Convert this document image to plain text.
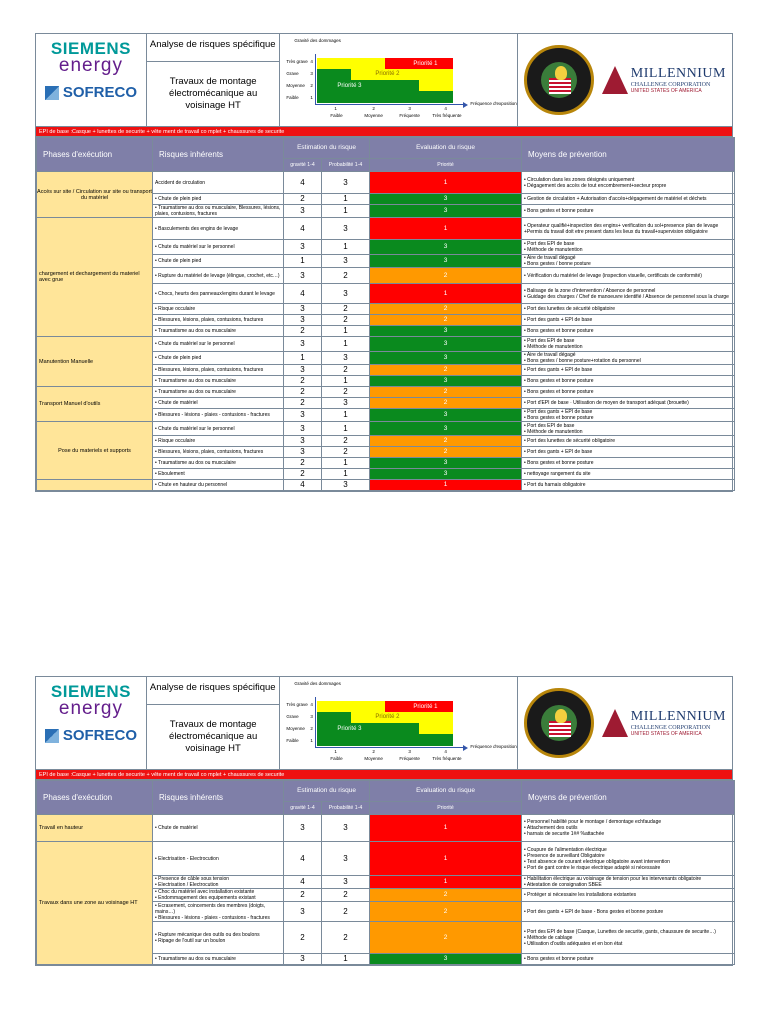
SIEMENS
energy
SOFRECO
Analyse de risques spécifique
Travaux de montage électromécanique au voisinage HT
Gravité des dommages
Très grave 4
Grave	3
Moyenne 2
Faible	1
Priorité 1
Priorité 2
Priorité 3
1
Faible
2
Moyenne
3
Fréquente
4
Très fréquente
Fréquence d'exposition
MILLENNIUM
CHALLENGE CORPORATION
UNITED STATES OF AMERICA
EPI de base :Casque + lunettes de securite + vête ment de travail co mplet + chaussures de securite
Phases d'exécution	Risques inhérents	Estimation du risque		Evaluation du risque	Moyens de prévention
		gravité 1-4	Probabilité 1-4	Priorité	
Accès sur site / Circulation sur site ou transport du matériel	Accident de circulation	4	3	1	• Circulation dans les zones désignés uniquement
• Dégagement des accès de tout encombrement+secteur propre
	• Chute de plein pied	2	1	3	• Gestion de circulation + Autorisation d'accès+dégagement de matériel et déchets
	• Traumatisme au dos ou musculaire, Blessures, lésions, plaies, contusions, fractures	3	1	3	• Bons gestes et bonne posture
chargement et dechargement du materiel avec grue	• Basculements des engins de levage	4	3	1	• Operateur qualifié+inspection des engins+ verification du sol+presence plan de levage +Permis du travail doit etre present dans les lieux du travail+supervision obligatoire
	• Chute du matériel sur le personnel	3	1	3	• Port des EPI de base
• Méthode de manutention
	• Chute de plein pied	1	3	3	• Aire de travail dégagé
• Bons gestes / bonne posture
	• Rupture du matériel de levage (élingue, crochet, etc…)	3	2	2	• Vérification du matériel de levage (inspection visuelle, certificats de conformité)
	• Chocs, heurts des panneaux/engins durant le levage	4	3	1	• Balisage de la zone d'intervention / Absence de personnel
• Guidage des charges / Chef de manoeuvre identifié / Absence de personnel sous la charge
	• Risque occulaire	3	2	2	• Port des lunettes de sécurité obligatoire
	• Blessures, lésions, plaies, contusions, fractures	3	2	2	• Port des gants + EPI de base
	• Traumatisme au dos ou musculaire	2	1	3	• Bons gestes et bonne posture
Manutention Manuelle	• Chute du matériel sur le personnel	3	1	3	• Port des EPI de base
• Méthode de manutention
	• Chute de plein pied	1	3	3	• Aire de travail dégagé
• Bons gestes / bonne posture+rotation du personnel
	• Blessures, lésions, plaies, contusions, fractures	3	2	2	• Port des gants + EPI de base
	• Traumatisme au dos ou musculaire	2	1	3	• Bons gestes et bonne posture
Transport Manuel d'outils	• Traumatisme au dos ou musculaire	2	2	2	• Bons gestes et bonne posture
	• Chute de matériel	2	3	2	• Port d'EPI de base · Utilisation de moyen de transport adéquat (brouette)
	• Blessures - lésions - plaies - contusions - fractures	3	1	3	• Port des gants + EPI de base
• Bons gestes et bonne posture
Pose du materiels et supports	• Chute du matériel sur le personnel	3	1	3	• Port des EPI de base
• Méthode de manutention
	• Risque occulaire	3	2	2	• Port des lunettes de sécurité obligatoire
	• Blessures, lésions, plaies, contusions, fractures	3	2	2	• Port des gants + EPI de base
	• Traumatisme au dos ou musculaire	2	1	3	• Bons gestes et bonne posture
	• Eboulement	2	1	3	• nettoyage rangement du site
	• Chute en hauteur du personnel	4	3	1	• Port du harnais obligatoire
SIEMENS
energy
SOFRECO
Analyse de risques spécifique
Travaux de montage électromécanique au voisinage HT
Gravité des dommages
Très grave 4
Grave	3
Moyenne 2
Faible	1
Priorité 1
Priorité 2
Priorité 3
1
Faible
2
Moyenne
3
Fréquente
4
Très fréquente
Fréquence d'exposition
MILLENNIUM
CHALLENGE CORPORATION
UNITED STATES OF AMERICA
EPI de base :Casque + lunettes de securite + vête ment de travail co mplet + chaussures de securite
Phases d'exécution	Risques inhérents	Estimation du risque		Evaluation du risque	Moyens de prévention
		gravité 1-4	Probabilité 1-4	Priorité	
Travail en hauteur	• Chute de matériel	3	3	1	• Personnel habilité pour le montage / demontage echfaudage
• Attachement des outils
• harnais de securite 1## %attachée
Travaux dans une zone au voisinage HT	• Electrisation - Electrocution	4	3	1	• Coupure de l'alimentation électrique
• Presence de surveillant Obligatoire
• Test absence de courant electrique obligatoire avant intervention
• Port de gant contre le risque electrique adapté si nécessaire
	• Presence de câble sous tension
• Electrisation / Electrocution	4	3	1	• Habilitation électrique au voisinage de tension pour les intervenants obligatoire
• Attestation de consignation SBEE
	• Choc du matériel avec installation existante
• Endommagement des equipements existant	2	2	2	• Protéger si nécessaire les installations existantes
	• Ecrasement, coincements des membres (doigts, mains…)
• Blessures - lésions - plaies - contusions - fractures	3	2	2	• Port des gants + EPI de base - Bons gestes et bonne posture
	• Rupture mécanique des outils ou des boulons
• Ripage de l'outil sur un boulon	2	2	2	• Port des EPI de base (Casque, Lunettes de securite, gants, chaussure de securite…)
• Méthode de cablage
• Utilisation d'outils adéquates et en bon état
	• Traumatisme au dos ou musculaire	3	1	3	• Bons gestes et bonne posture
